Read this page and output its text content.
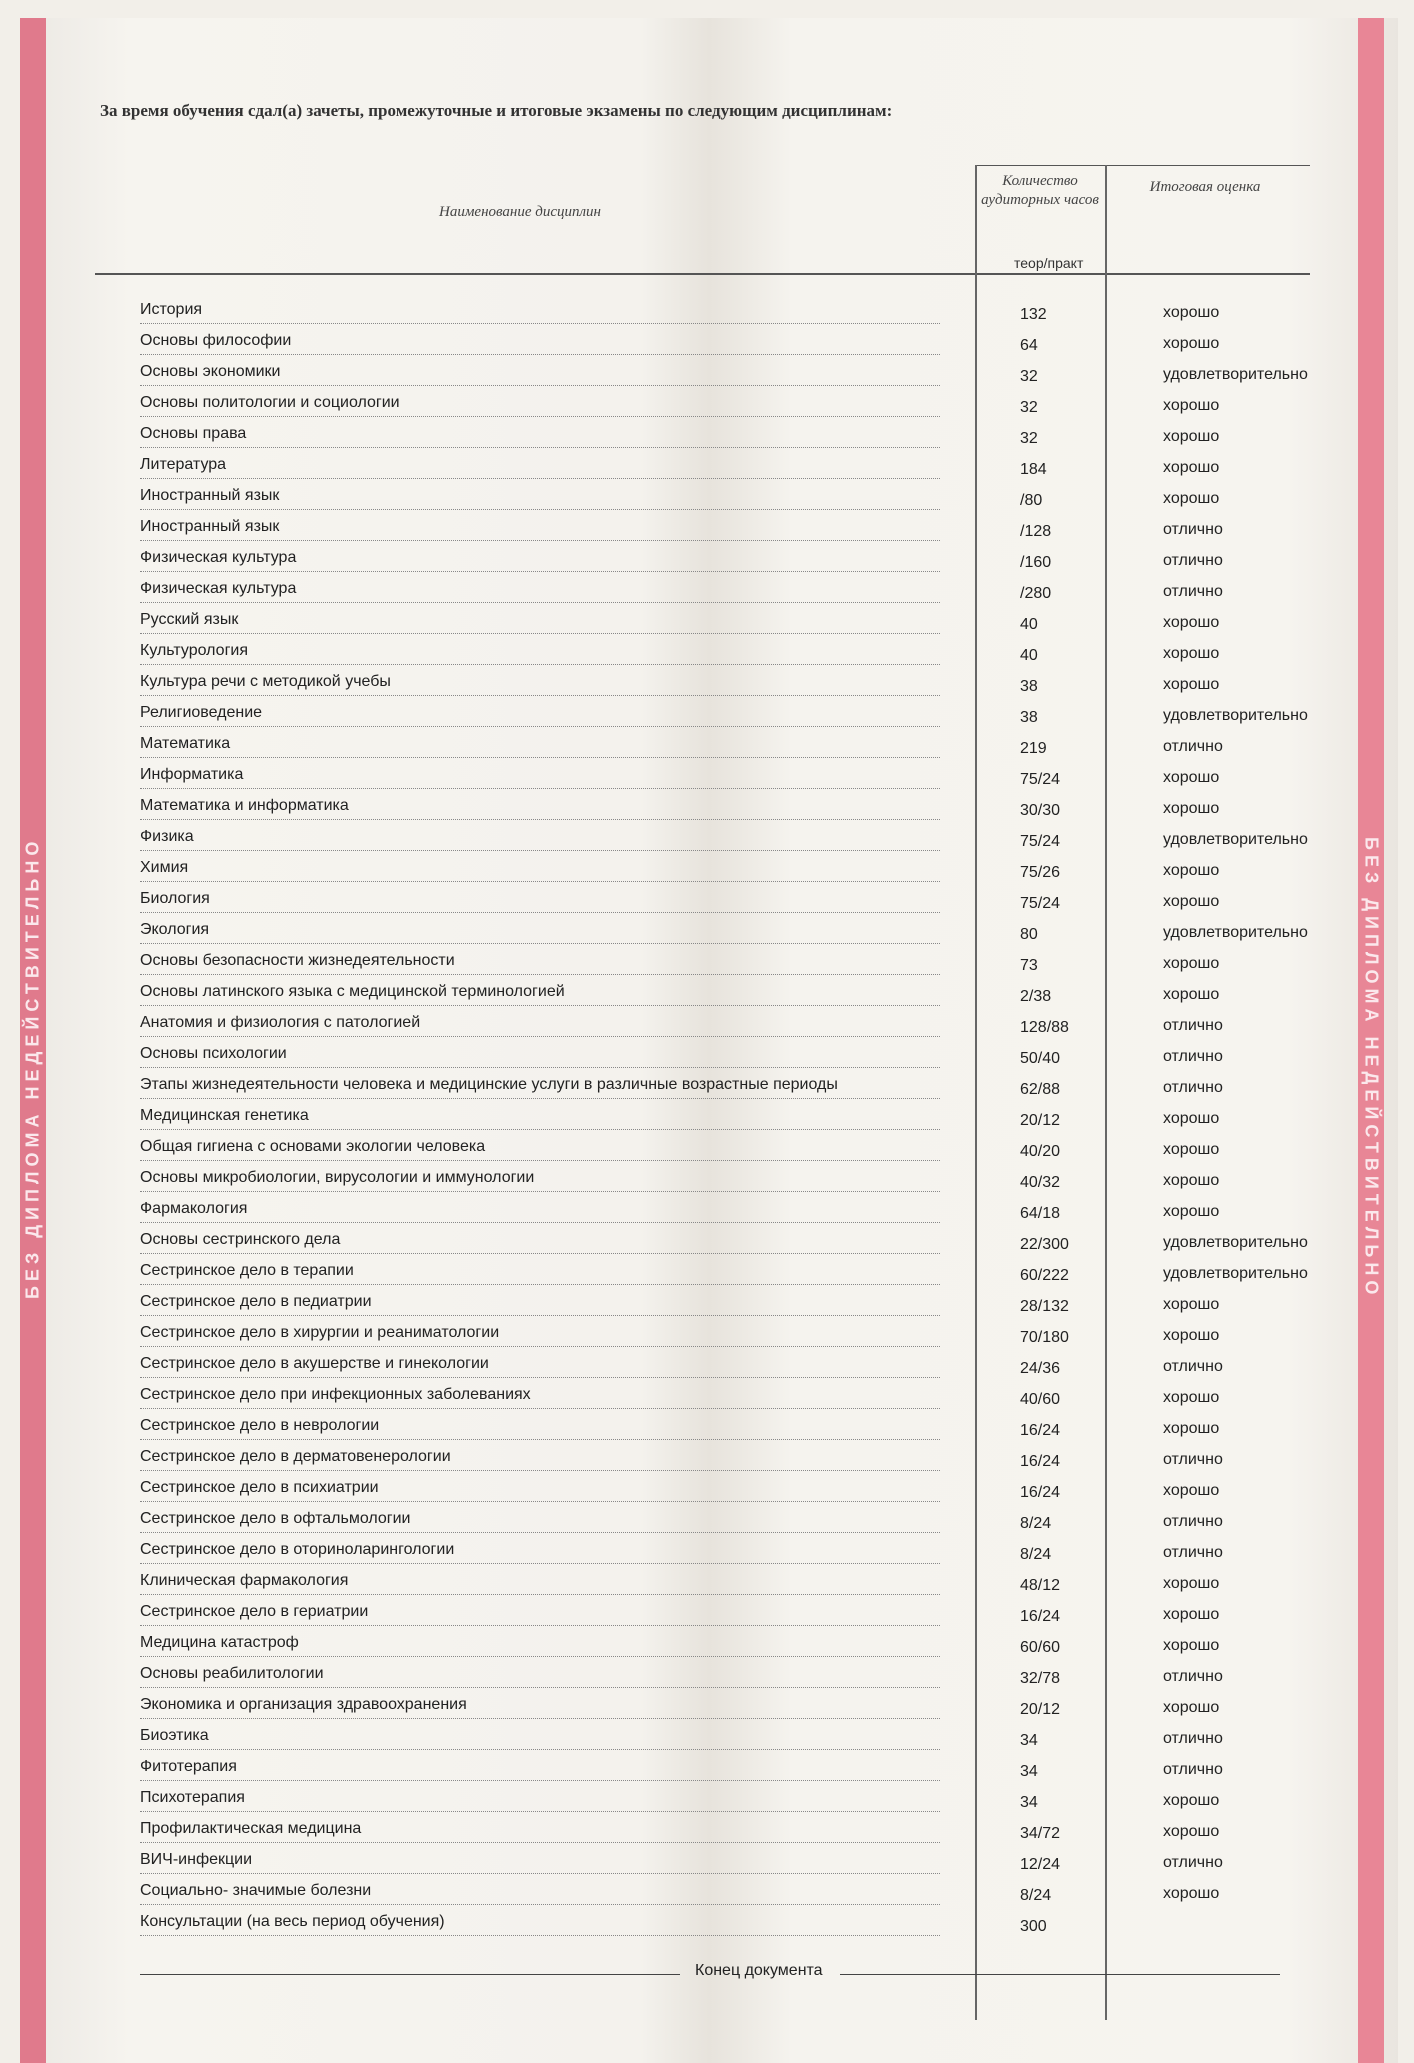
БЕЗ ДИПЛОМА НЕДЕЙСТВИТЕЛЬНО	БЕЗ ДИПЛОМА НЕДЕЙСТВИТЕЛЬНО
За время обучения сдал(а) зачеты, промежуточные и итоговые экзамены по следующим дисциплинам:
Наименование дисциплин
Количество аудиторных часов
Итоговая оценка
теор/практ
История	132	хорошо
Основы философии	64	хорошо
Основы экономики	32	удовлетворительно
Основы политологии и социологии	32	хорошо
Основы права	32	хорошо
Литература	184	хорошо
Иностранный язык	/80	хорошо
Иностранный язык	/128	отлично
Физическая культура	/160	отлично
Физическая культура	/280	отлично
Русский язык	40	хорошо
Культурология	40	хорошо
Культура речи с методикой учебы	38	хорошо
Религиоведение	38	удовлетворительно
Математика	219	отлично
Информатика	75/24	хорошо
Математика и информатика	30/30	хорошо
Физика	75/24	удовлетворительно
Химия	75/26	хорошо
Биология	75/24	хорошо
Экология	80	удовлетворительно
Основы безопасности жизнедеятельности	73	хорошо
Основы латинского языка с медицинской терминологией	2/38	хорошо
Анатомия и физиология с патологией	128/88	отлично
Основы психологии	50/40	отлично
Этапы жизнедеятельности человека и медицинские услуги в различные возрастные периоды	62/88	отлично
Медицинская генетика	20/12	хорошо
Общая гигиена с основами экологии человека	40/20	хорошо
Основы микробиологии, вирусологии и иммунологии	40/32	хорошо
Фармакология	64/18	хорошо
Основы сестринского дела	22/300	удовлетворительно
Сестринское дело в терапии	60/222	удовлетворительно
Сестринское дело в педиатрии	28/132	хорошо
Сестринское дело в хирургии и реаниматологии	70/180	хорошо
Сестринское дело в акушерстве и гинекологии	24/36	отлично
Сестринское дело при инфекционных заболеваниях	40/60	хорошо
Сестринское дело в неврологии	16/24	хорошо
Сестринское дело в дерматовенерологии	16/24	отлично
Сестринское дело в психиатрии	16/24	хорошо
Сестринское дело в офтальмологии	8/24	отлично
Сестринское дело в оториноларингологии	8/24	отлично
Клиническая фармакология	48/12	хорошо
Сестринское дело в гериатрии	16/24	хорошо
Медицина катастроф	60/60	хорошо
Основы реабилитологии	32/78	отлично
Экономика и организация здравоохранения	20/12	хорошо
Биоэтика	34	отлично
Фитотерапия	34	отлично
Психотерапия	34	хорошо
Профилактическая медицина	34/72	хорошо
ВИЧ-инфекции	12/24	отлично
Социально- значимые болезни	8/24	хорошо
Консультации (на весь период обучения)	300
Конец документа
